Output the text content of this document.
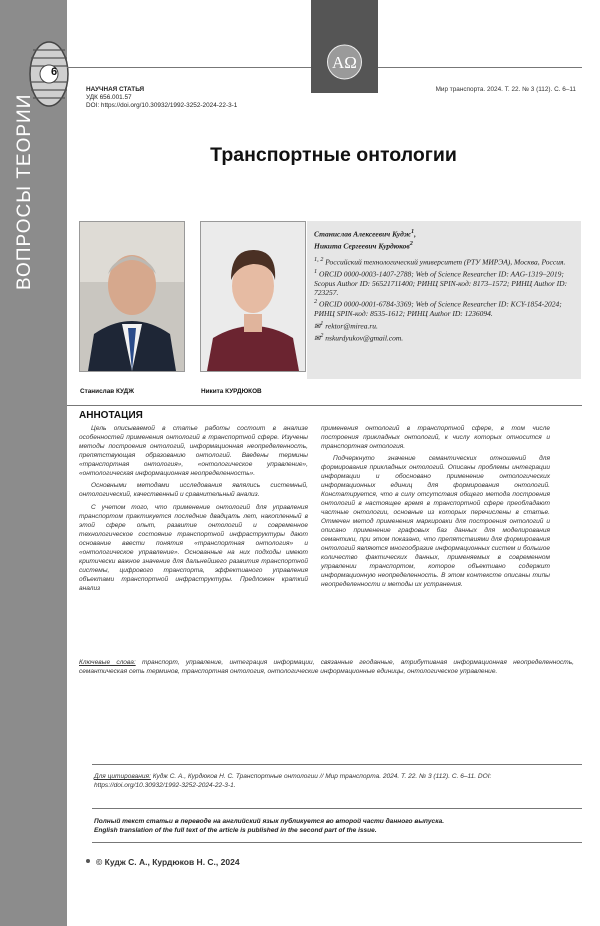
6
ВОПРОСЫ ТЕОРИИ
AΩ
НАУЧНАЯ СТАТЬЯ
УДК 656.001.57
DOI: https://doi.org/10.30932/1992-3252-2024-22-3-1
Мир транспорта. 2024. Т. 22. № 3 (112). С. 6–11
Транспортные онтологии
Станислав КУДЖ	Никита КУРДЮКОВ

Станислав Алексеевич Кудж$^1$,

Никита Сергеевич Курдюков$^2$

$^{1, 2}$ Российский технологический университет (РТУ МИРЭА), Москва, Россия.

$^1$ ORCID 0000-0003-1407-2788; Web of Science Researcher ID: AAG-1319–2019; Scopus Author ID: 56521711400; РИНЦ SPIN-код: 8173–1572; РИНЦ Author ID: 723257.

$^2$ ORCID 0000-0001-6784-3369; Web of Science Researcher ID: KCY-1854-2024; РИНЦ SPIN-код: 8535-1612; РИНЦ Author ID: 1236094.

✉$^1$ rektor@mirea.ru.

✉$^2$ nskurdyukov@gmail.com.

АННОТАЦИЯ

Цель описываемой в статье работы состоит в анализе особенностей применения онтологий в транспортной сфере. Изучены методы построения онтологий, информационная неопределенность, препятствующая образованию онтологий. Введены термины «транспортная онтология», «онтологическое управление», «онтологическая информационная неопределенность».

Основными методами исследования являлись системный, онтологический, качественный и сравнительный анализ.

С учетом того, что применение онтологий для управления транспортом практикуется последние двадцать лет, накопленный в этой сфере опыт, развитие онтологий и современное технологическое состояние транспортной инфраструктуры дают основание ввести понятия «транспортная онтология» и «онтологическое управление». Основанные на них подходы имеют критически важное значение для дальнейшего развития транспортной системы, цифрового транспорта, эффективного управления объектами транспортной инфраструктуры. Предложен краткий анализ

применения онтологий в транспортной сфере, в том числе построения прикладных онтологий, к числу которых относится и транспортная онтология.

Подчеркнуто значение семантических отношений для формирования прикладных онтологий. Описаны проблемы интеграции информации и обосновано применение онтологических информационных единиц для формирования онтологий. Констатируется, что в силу отсутствия общего метода построения онтологий в настоящее время в транспортной сфере преобладают частные онтологии, основные из которых перечислены в статье. Отмечен метод применения маркировки для построения онтологий и описано применение графовых баз данных для моделирования семантики, при этом показано, что препятствиями для формирования онтологий являются многообразие информационных систем и большое количество фактических данных, применяемых в современном управлении транспортом, которое объективно содержит информационную неопределенность. В этом контексте описаны типы неопределенности и методы их устранения.

Ключевые слова: транспорт, управление, интеграция информации, связанные геоданные, атрибутивная информационная неопределенность, семантическая сеть терминов, транспортная онтология, онтологические информационные единицы, онтологическое управление.
Для цитирования: Кудж С. А., Курдюков Н. С. Транспортные онтологии // Мир транспорта. 2024. Т. 22. № 3 (112). С. 6–11. DOI: https://doi.org/10.30932/1992-3252-2024-22-3-1.
Полный текст статьи в переводе на английский язык публикуется во второй части данного выпуска.
English translation of the full text of the article is published in the second part of the issue.
© Кудж С. А., Курдюков Н. С., 2024
